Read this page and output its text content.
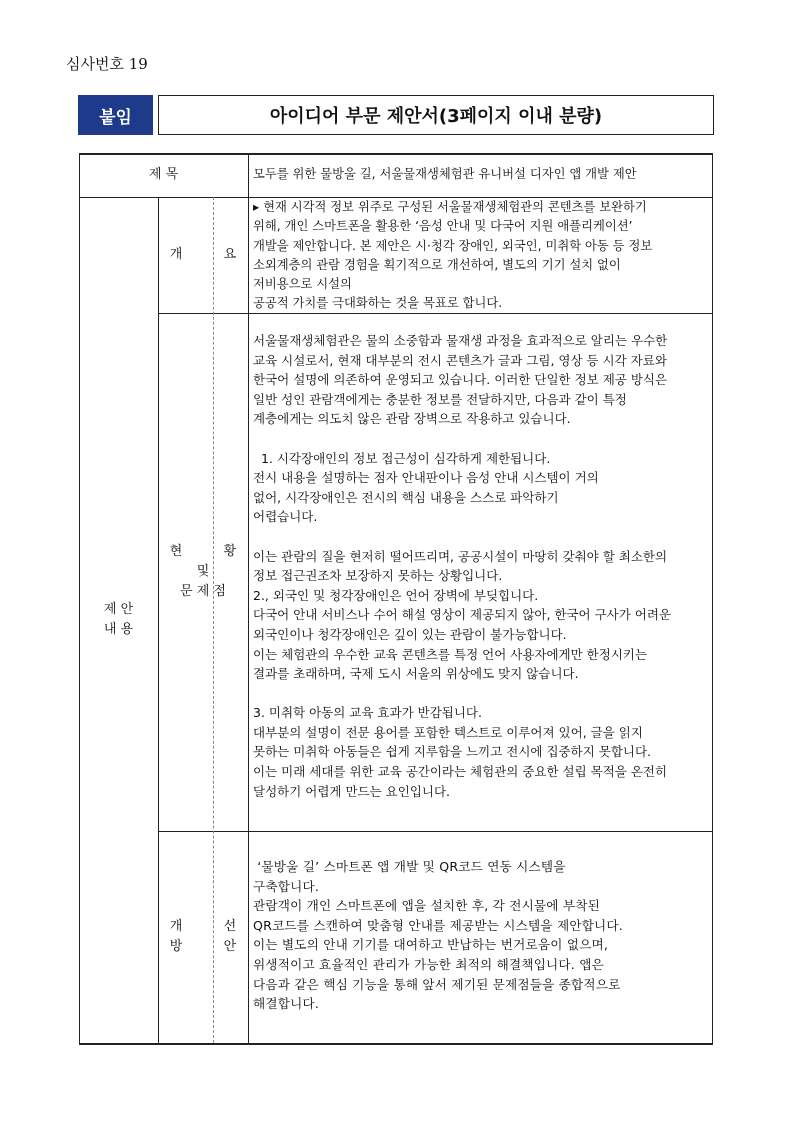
심사번호 19
붙임	아이디어 부문 제안서(3페이지 이내 분량)
제 목	모두를 위한 물방울 길, 서울물재생체험관 유니버설 디자인 앱 개발 제안
제 안
내 용
개          요
▸ 현재 시각적 정보 위주로 구성된 서울물재생체험관의 콘텐츠를 보완하기
위해, 개인 스마트폰을 활용한 ‘음성 안내 및 다국어 지원 애플리케이션’
개발을 제안합니다. 본 제안은 시·청각 장애인, 외국인, 미취학 아동 등 정보
소외계층의 관람 경험을 획기적으로 개선하여, 별도의 기기 설치 없이
저비용으로 시설의
공공적 가치를 극대화하는 것을 목표로 합니다.
현          황
및
문 제 점
서울물재생체험관은 물의 소중함과 물재생 과정을 효과적으로 알리는 우수한
교육 시설로서, 현재 대부분의 전시 콘텐츠가 글과 그림, 영상 등 시각 자료와
한국어 설명에 의존하여 운영되고 있습니다. 이러한 단일한 정보 제공 방식은
일반 성인 관람객에게는 충분한 정보를 전달하지만, 다음과 같이 특정
계층에게는 의도치 않은 관람 장벽으로 작용하고 있습니다.

1. 시각장애인의 정보 접근성이 심각하게 제한됩니다.
전시 내용을 설명하는 점자 안내판이나 음성 안내 시스템이 거의
없어, 시각장애인은 전시의 핵심 내용을 스스로 파악하기
어렵습니다.

이는 관람의 질을 현저히 떨어뜨리며, 공공시설이 마땅히 갖춰야 할 최소한의
정보 접근권조차 보장하지 못하는 상황입니다.
2., 외국인 및 청각장애인은 언어 장벽에 부딪힙니다.
다국어 안내 서비스나 수어 해설 영상이 제공되지 않아, 한국어 구사가 어려운
외국인이나 청각장애인은 깊이 있는 관람이 불가능합니다.
이는 체험관의 우수한 교육 콘텐츠를 특정 언어 사용자에게만 한정시키는
결과를 초래하며, 국제 도시 서울의 위상에도 맞지 않습니다.

3. 미취학 아동의 교육 효과가 반감됩니다.
대부분의 설명이 전문 용어를 포함한 텍스트로 이루어져 있어, 글을 읽지
못하는 미취학 아동들은 쉽게 지루함을 느끼고 전시에 집중하지 못합니다.
이는 미래 세대를 위한 교육 공간이라는 체험관의 중요한 설립 목적을 온전히
달성하기 어렵게 만드는 요인입니다.
개          선
방          안
‘물방울 길’ 스마트폰 앱 개발 및 QR코드 연동 시스템을
구축합니다.
관람객이 개인 스마트폰에 앱을 설치한 후, 각 전시물에 부착된
QR코드를 스캔하여 맞춤형 안내를 제공받는 시스템을 제안합니다.
이는 별도의 안내 기기를 대여하고 반납하는 번거로움이 없으며,
위생적이고 효율적인 관리가 가능한 최적의 해결책입니다. 앱은
다음과 같은 핵심 기능을 통해 앞서 제기된 문제점들을 종합적으로
해결합니다.
